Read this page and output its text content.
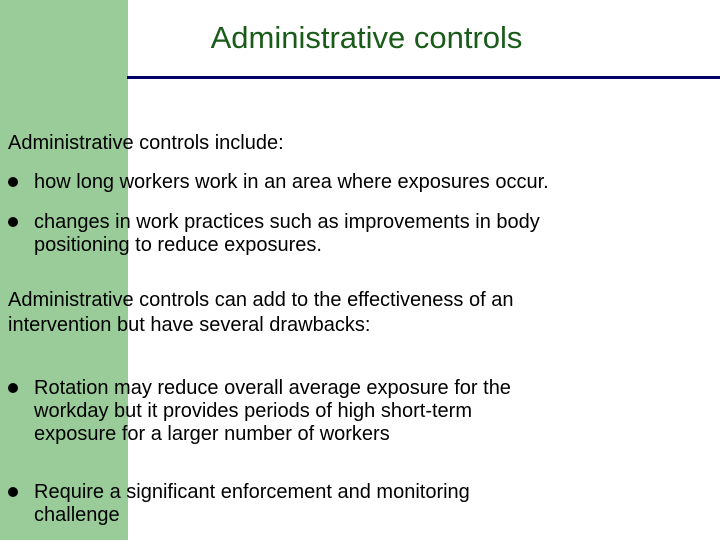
Administrative controls

Administrative controls include:

how long workers work in an area where exposures occur.
changes in work practices such as improvements in body
positioning to reduce exposures.

Administrative controls can add to the effectiveness of an
intervention but have several drawbacks:

Rotation may reduce overall average exposure for the
workday but it provides periods of high short-term
exposure for a larger number of workers
Require a significant enforcement and monitoring
challenge
